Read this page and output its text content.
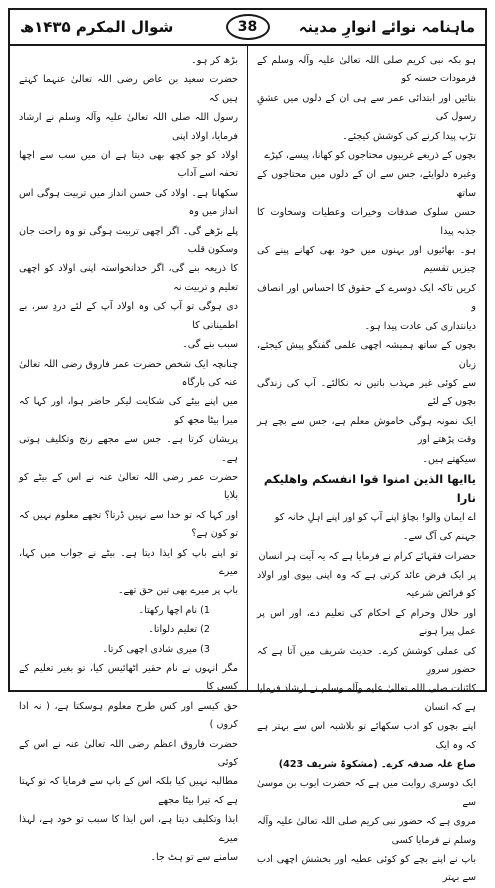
شوال المکرم ۱۴۳۵ھ	38	ماہنامہ نوائے انوارِ مدینہ

بڑھ کر ہو۔

حضرت سعید بن عاص رضی اللہ تعالیٰ عنہما کہتے ہیں کہ

رسول اللہ صلی اللہ تعالیٰ علیہ وآلہ وسلم نے ارشاد فرمایا، اولاد اپنی

اولاد کو جو کچھ بھی دیتا ہے ان میں سب سے اچھا تحفہ اسے آداب

سکھانا ہے۔ اولاد کی حسن انداز میں تربیت ہوگی اس انداز میں وہ

پلے بڑھے گی۔ اگر اچھی تربیت ہوگی تو وہ راحت جان وسکون قلب

کا ذریعہ بنے گی، اگر خدانخواستہ اپنی اولاد کو اچھی تعلیم و تربیت نہ

دی ہوگی تو آپ کی وہ اولاد آپ کے لئے دردِ سر، بے اطمینانی کا

سبب بنے گی۔

چنانچہ ایک شخص حضرت عمر فاروق رضی اللہ تعالیٰ عنہ کی بارگاہ

میں اپنے بیٹے کی شکایت لیکر حاضر ہوا، اور کہا کہ میرا بیٹا مجھ کو

پریشان کرتا ہے۔ جس سے مجھے رنج وتکلیف ہوتی ہے۔

حضرت عمر رضی اللہ تعالیٰ عنہ نے اس کے بیٹے کو بلایا

اور کہا کہ تو خدا سے نہیں ڈرتا؟ تجھے معلوم نہیں کہ تو کون ہے؟

تو اپنے باپ کو ایذا دیتا ہے۔ بیٹے نے جواب میں کہا، میرے

باپ پر میرے بھی تین حق تھے۔

1) نام اچھا رکھتا۔

2) تعلیم دلواتا۔

3) میری شادی اچھی کرتا۔

مگر انہوں نے نام حقیر اٹھائیس کیا، تو بغیر تعلیم کے کسی کا

حق کیسے اور کس طرح معلوم ہوسکتا ہے، ( نہ ادا کروں )

حضرت فاروق اعظم رضی اللہ تعالیٰ عنہ نے اس کے کوئی

مطالبہ نہیں کیا بلکہ اس کے باپ سے فرمایا کہ تو کہتا ہے کہ تیرا بیٹا مجھے

ایذا وتکلیف دیتا ہے، اس ایذا کا سبب تو خود ہے، لہذا میرے

سامنے سے تو ہٹ جا۔

ہو بکہ نبی کریم صلی اللہ تعالیٰ علیہ وآلہ وسلم کے فرمودات حسنہ کو

بتائیں اور ابتدائی عمر سے ہی ان کے دلوں میں عشقِ رسول کی

تڑپ پیدا کرنے کی کوشش کیجئے۔

بچوں کے ذریعے غریبوں محتاجوں کو کھانا، پیسے، کپڑے

وغیرہ دلوایئے، جس سے ان کے دلوں میں محتاجوں کے ساتھ

حسن سلوک صدقات وخیرات وعطیات وسخاوت کا جذبہ پیدا

ہو۔ بھائیوں اور بہنوں میں خود بھی کھانے پینے کی چیزیں تقسیم

کریں تاکہ ایک دوسرے کے حقوق کا احساس اور انصاف و

دیانتداری کی عادت پیدا ہو۔

بچوں کے ساتھ ہمیشہ اچھی علمی گفتگو پیش کیجئے، زبان

سے کوئی غیر مہذب باتیں نہ نکالئے۔ آپ کی زندگی بچوں کے لئے

ایک نمونہ ہوگی خاموش معلم ہے، جس سے بچے ہر وقت پڑھتے اور

سیکھتے ہیں۔

یاایھا الذین امنوا قوا انفسکم واھلیکم

نارا

اے ایمان والو! بچاؤ اپنے آپ کو اور اپنے اہلِ خانہ کو

جہنم کی آگ سے۔

حضرات فقہائے کرام نے فرمایا ہے کہ یہ آیت ہر انسان

پر ایک فرض عائد کرتی ہے کہ وہ اپنی بیوی اور اولاد کو فرائض شرعیہ

اور حلال وحرام کے احکام کی تعلیم دے، اور اس پر عمل پیرا ہونے

کی عملی کوشش کرے۔ حدیث شریف میں آتا ہے کہ حضور سرورِ

کائنات صلی اللہ تعالیٰ علیہ وآلہ وسلم نے ارشاد فرمایا ہے کہ انسان

اپنے بچوں کو ادب سکھائے تو بلاشبہ اس سے بہتر ہے کہ وہ ایک

صاع غلہ صدقہ کرے۔ (مشکوۃ شریف 423)

ایک دوسری روایت میں ہے کہ حضرت ایوب بن موسیٰ سے

مروی ہے کہ حضور نبی کریم صلی اللہ تعالیٰ علیہ وآلہ وسلم نے فرمایا کسی

باپ نے اپنے بچے کو کوئی عطیہ اور بخشش اچھی ادب سے بہتر
